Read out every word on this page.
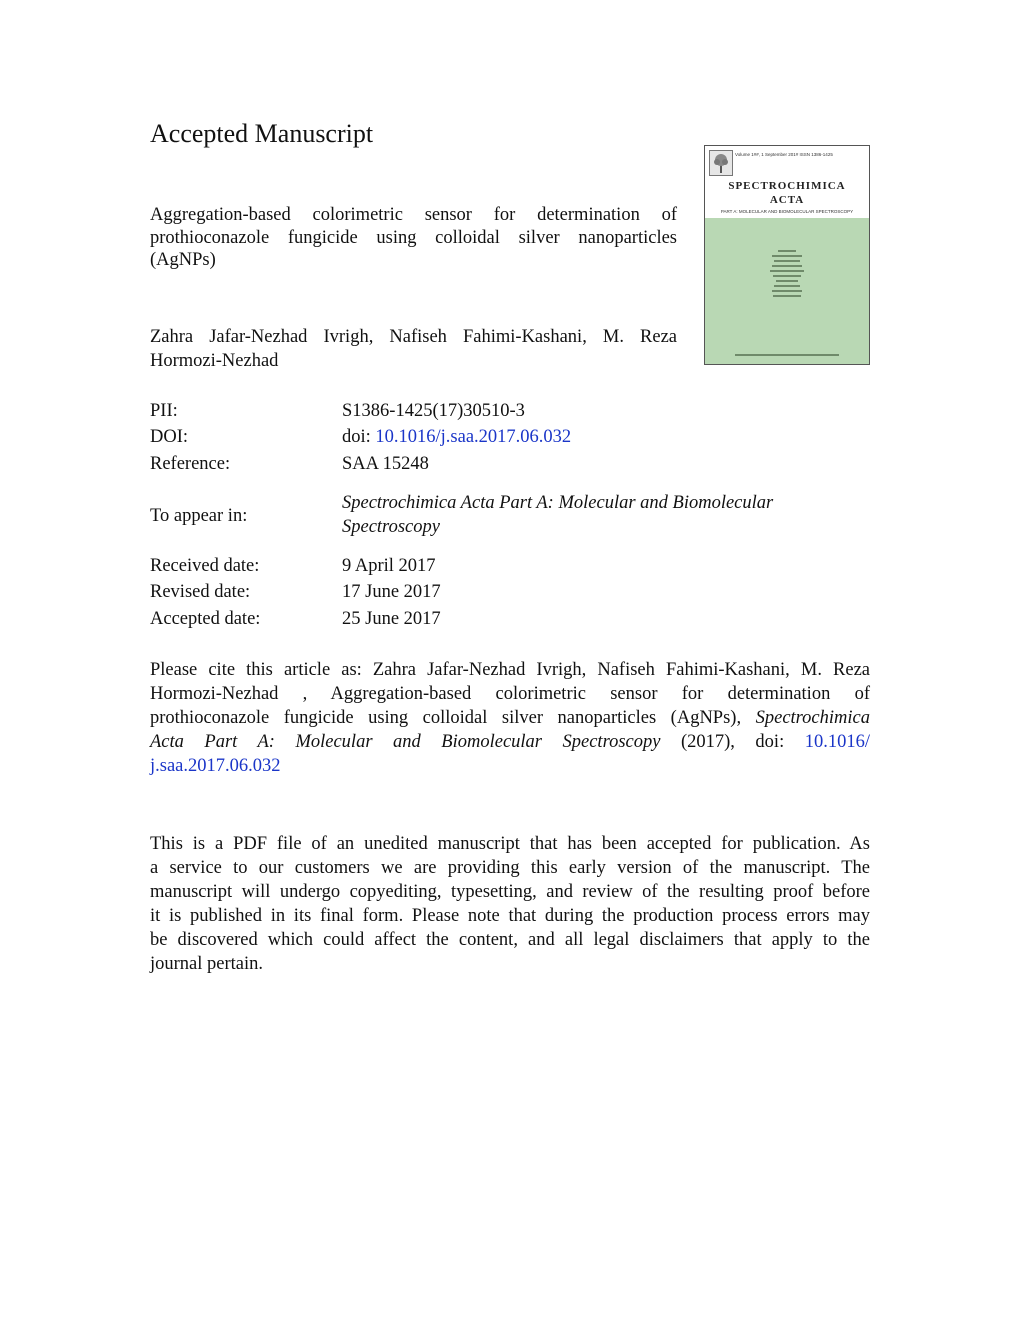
Accepted Manuscript

Aggregation-based colorimetric sensor for determination of prothioconazole fungicide using colloidal silver nanoparticles (AgNPs)

Zahra Jafar-Nezhad Ivrigh, Nafiseh Fahimi-Kashani, M. Reza Hormozi-Nezhad

Volume 1##, 1 September 201# ISSN 1386-1425
SPECTROCHIMICA
ACTA
PART A: MOLECULAR AND BIOMOLECULAR SPECTROSCOPY

PII:	S1386-1425(17)30510-3

DOI:	doi: 10.1016/j.saa.2017.06.032

Reference:	SAA 15248

To appear in:

Spectrochimica Acta Part A: Molecular and Biomolecular
Spectroscopy

Received date:	9 April 2017

Revised date:	17 June 2017

Accepted date:	25 June 2017

Please cite this article as: Zahra Jafar-Nezhad Ivrigh, Nafiseh Fahimi-Kashani, M. Reza
Hormozi-Nezhad , Aggregation-based colorimetric sensor for determination of
prothioconazole fungicide using colloidal silver nanoparticles (AgNPs), Spectrochimica
Acta Part A: Molecular and Biomolecular Spectroscopy (2017), doi: 10.1016/
j.saa.2017.06.032
This is a PDF file of an unedited manuscript that has been accepted for publication. As
a service to our customers we are providing this early version of the manuscript. The
manuscript will undergo copyediting, typesetting, and review of the resulting proof before
it is published in its final form. Please note that during the production process errors may
be discovered which could affect the content, and all legal disclaimers that apply to the
journal pertain.
